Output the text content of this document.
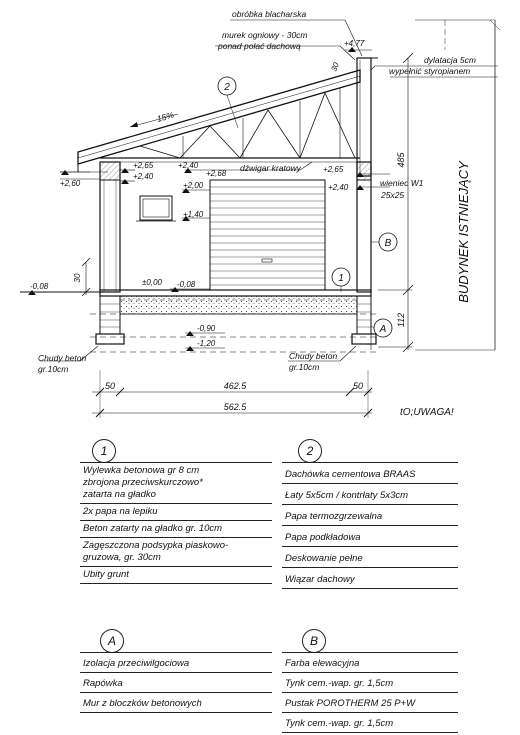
BUDYNEK ISTNIEJĄCY
15%
2
B
1
A
obróbka blacharska
murek ogniowy - 30cm
ponad połać dachową	+4,77
dylatacja 5cm
wypełnić styropianem
30
485
112
+2,65
+2,40
+2,60
+2,40
+2,68
dźwigar kratowy	+2,65
+2,40	wieniec W1
25x25
+2,00
+1,40
30	±0,00 -0,08
-0,08
-0,90
-1,20
Chudy beton
gr.10cm
Chudy beton
gr.10cm
50	462.5	50
562.5	tO;UWAGA!
1
Wylewka betonowa gr 8 cm
zbrojona przeciwskurczowo*
zatarta na gładko
2x papa na lepiku
Beton zatarty na gładko gr. 10cm
Zagęszczona podsypka piaskowo-
gruzowa, gr. 30cm
Ubity grunt
2
Dachówka cementowa BRAAS
Łaty 5x5cm / kontrłaty 5x3cm
Papa termozgrzewalna
Papa podkładowa
Deskowanie pełne
Wiązar dachowy
A
Izolacja przeciwilgociowa
Rapówka
Mur z bloczków betonowych
B
Farba elewacyjna
Tynk cem.-wap. gr. 1,5cm
Pustak POROTHERM 25 P+W
Tynk cem.-wap. gr. 1,5cm
